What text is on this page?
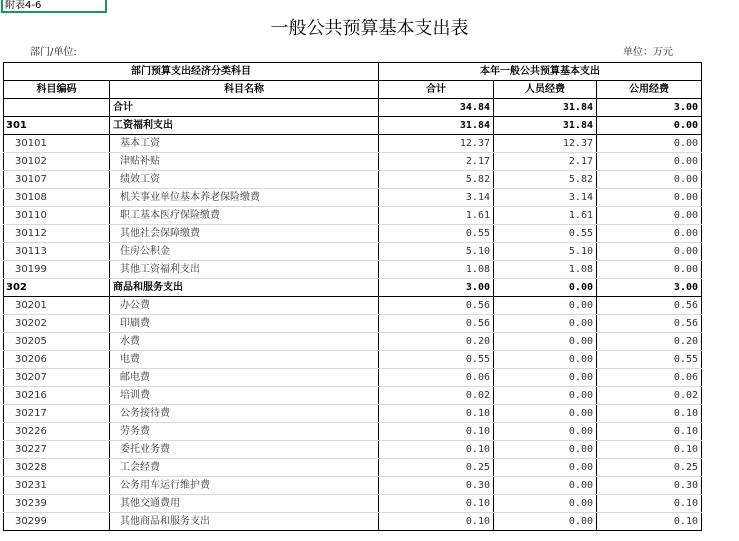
附表4-6
一般公共预算基本支出表
部门/单位:	单位：万元
部门预算支出经济分类科目		本年一般公共预算基本支出		
科目编码	科目名称	合计	人员经费	公用经费
	合计	34.84	31.84	3.00
301	工资福利支出	31.84	31.84	0.00
30101	基本工资	12.37	12.37	0.00
30102	津贴补贴	2.17	2.17	0.00
30107	绩效工资	5.82	5.82	0.00
30108	机关事业单位基本养老保险缴费	3.14	3.14	0.00
30110	职工基本医疗保险缴费	1.61	1.61	0.00
30112	其他社会保障缴费	0.55	0.55	0.00
30113	住房公积金	5.10	5.10	0.00
30199	其他工资福利支出	1.08	1.08	0.00
302	商品和服务支出	3.00	0.00	3.00
30201	办公费	0.56	0.00	0.56
30202	印刷费	0.56	0.00	0.56
30205	水费	0.20	0.00	0.20
30206	电费	0.55	0.00	0.55
30207	邮电费	0.06	0.00	0.06
30216	培训费	0.02	0.00	0.02
30217	公务接待费	0.10	0.00	0.10
30226	劳务费	0.10	0.00	0.10
30227	委托业务费	0.10	0.00	0.10
30228	工会经费	0.25	0.00	0.25
30231	公务用车运行维护费	0.30	0.00	0.30
30239	其他交通费用	0.10	0.00	0.10
30299	其他商品和服务支出	0.10	0.00	0.10
